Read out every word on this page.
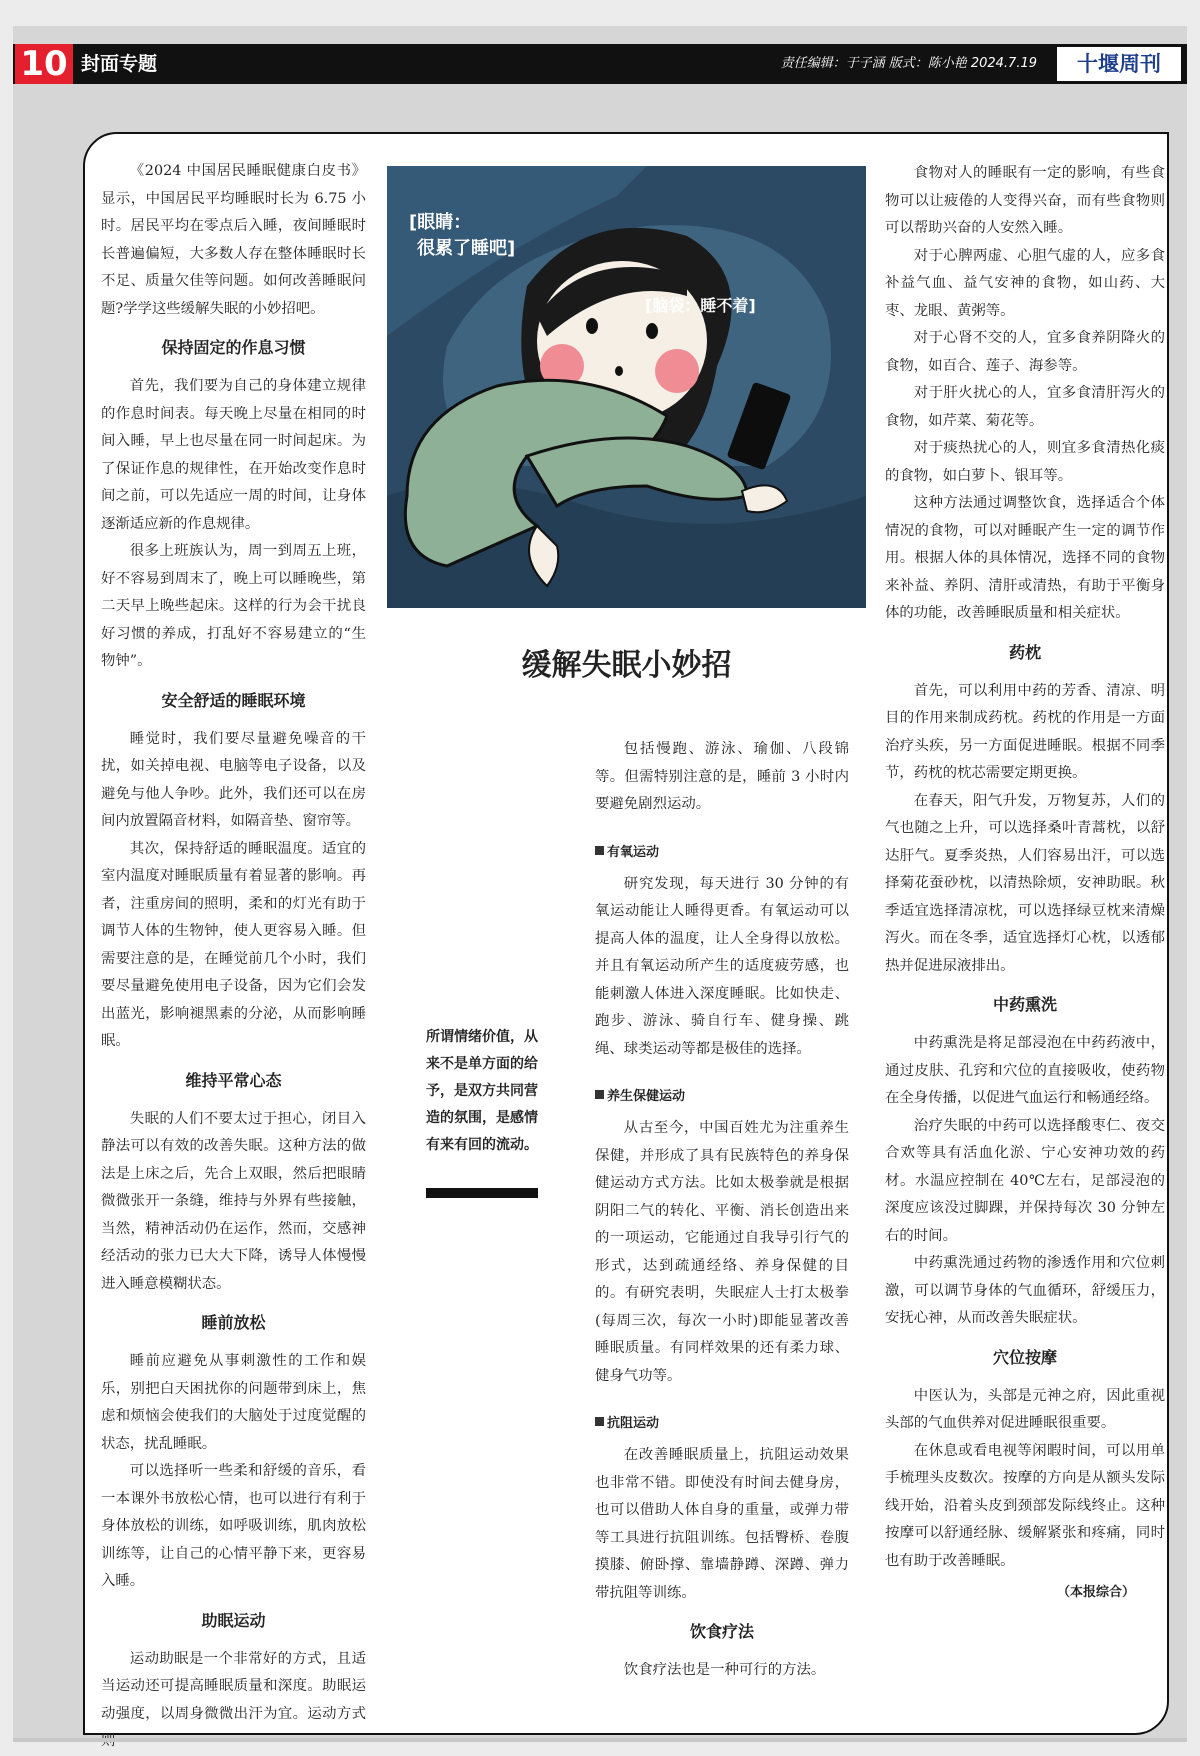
10 封面专题	责任编辑：于子涵 版式：陈小艳 2024.7.19	十堰周刊

《2024 中国居民睡眠健康白皮书》显示，中国居民平均睡眠时长为 6.75 小时。居民平均在零点后入睡，夜间睡眠时长普遍偏短，大多数人存在整体睡眠时长不足、质量欠佳等问题。如何改善睡眠问题?学学这些缓解失眠的小妙招吧。

保持固定的作息习惯

首先，我们要为自己的身体建立规律的作息时间表。每天晚上尽量在相同的时间入睡，早上也尽量在同一时间起床。为了保证作息的规律性，在开始改变作息时间之前，可以先适应一周的时间，让身体逐渐适应新的作息规律。

很多上班族认为，周一到周五上班，好不容易到周末了，晚上可以睡晚些，第二天早上晚些起床。这样的行为会干扰良好习惯的养成，打乱好不容易建立的“生物钟”。

安全舒适的睡眠环境

睡觉时，我们要尽量避免噪音的干扰，如关掉电视、电脑等电子设备，以及避免与他人争吵。此外，我们还可以在房间内放置隔音材料，如隔音垫、窗帘等。

其次，保持舒适的睡眠温度。适宜的室内温度对睡眠质量有着显著的影响。再者，注重房间的照明，柔和的灯光有助于调节人体的生物钟，使人更容易入睡。但需要注意的是，在睡觉前几个小时，我们要尽量避免使用电子设备，因为它们会发出蓝光，影响褪黑素的分泌，从而影响睡眠。

维持平常心态

失眠的人们不要太过于担心，闭目入静法可以有效的改善失眠。这种方法的做法是上床之后，先合上双眼，然后把眼睛微微张开一条缝，维持与外界有些接触，当然，精神活动仍在运作，然而，交感神经活动的张力已大大下降，诱导人体慢慢进入睡意模糊状态。

睡前放松

睡前应避免从事刺激性的工作和娱乐，别把白天困扰你的问题带到床上，焦虑和烦恼会使我们的大脑处于过度觉醒的状态，扰乱睡眠。

可以选择听一些柔和舒缓的音乐，看一本课外书放松心情，也可以进行有利于身体放松的训练，如呼吸训练，肌肉放松训练等，让自己的心情平静下来，更容易入睡。

助眠运动

运动助眠是一个非常好的方式，且适当运动还可提高睡眠质量和深度。助眠运动强度，以周身微微出汗为宜。运动方式

[眼睛：
很累了睡吧]
[脑袋：睡不着]
缓解失眠小妙招
所谓情绪价值，从来不是单方面的给予，是双方共同营造的氛围，是感情有来有回的流动。

包括慢跑、游泳、瑜伽、八段锦等。但需特别注意的是，睡前 3 小时内要避免剧烈运动。

有氧运动

研究发现，每天进行 30 分钟的有氧运动能让人睡得更香。有氧运动可以提高人体的温度，让人全身得以放松。并且有氧运动所产生的适度疲劳感，也能刺激人体进入深度睡眠。比如快走、跑步、游泳、骑自行车、健身操、跳绳、球类运动等都是极佳的选择。

养生保健运动

从古至今，中国百姓尤为注重养生保健，并形成了具有民族特色的养身保健运动方式方法。比如太极拳就是根据阴阳二气的转化、平衡、消长创造出来的一项运动，它能通过自我导引行气的形式，达到疏通经络、养身保健的目的。有研究表明，失眠症人士打太极拳(每周三次，每次一小时)即能显著改善睡眠质量。有同样效果的还有柔力球、健身气功等。

抗阻运动

在改善睡眠质量上，抗阻运动效果也非常不错。即使没有时间去健身房，也可以借助人体自身的重量，或弹力带等工具进行抗阻训练。包括臀桥、卷腹摸膝、俯卧撑、靠墙静蹲、深蹲、弹力带抗阻等训练。

饮食疗法

饮食疗法也是一种可行的方法。

食物对人的睡眠有一定的影响，有些食物可以让疲倦的人变得兴奋，而有些食物则可以帮助兴奋的人安然入睡。

对于心脾两虚、心胆气虚的人，应多食补益气血、益气安神的食物，如山药、大枣、龙眼、黄粥等。

对于心肾不交的人，宜多食养阴降火的食物，如百合、莲子、海参等。

对于肝火扰心的人，宜多食清肝泻火的食物，如芹菜、菊花等。

对于痰热扰心的人，则宜多食清热化痰的食物，如白萝卜、银耳等。

这种方法通过调整饮食，选择适合个体情况的食物，可以对睡眠产生一定的调节作用。根据人体的具体情况，选择不同的食物来补益、养阴、清肝或清热，有助于平衡身体的功能，改善睡眠质量和相关症状。

药枕

首先，可以利用中药的芳香、清凉、明目的作用来制成药枕。药枕的作用是一方面治疗头疾，另一方面促进睡眠。根据不同季节，药枕的枕芯需要定期更换。

在春天，阳气升发，万物复苏，人们的气也随之上升，可以选择桑叶青蒿枕，以舒达肝气。夏季炎热，人们容易出汗，可以选择菊花蚕砂枕，以清热除烦，安神助眠。秋季适宜选择清凉枕，可以选择绿豆枕来清燥泻火。而在冬季，适宜选择灯心枕，以透郁热并促进尿液排出。

中药熏洗

中药熏洗是将足部浸泡在中药药液中，通过皮肤、孔窍和穴位的直接吸收，使药物在全身传播，以促进气血运行和畅通经络。

治疗失眠的中药可以选择酸枣仁、夜交合欢等具有活血化淤、宁心安神功效的药材。水温应控制在 40℃左右，足部浸泡的深度应该没过脚踝，并保持每次 30 分钟左右的时间。

中药熏洗通过药物的渗透作用和穴位刺激，可以调节身体的气血循环，舒缓压力，安抚心神，从而改善失眠症状。

穴位按摩

中医认为，头部是元神之府，因此重视头部的气血供养对促进睡眠很重要。

在休息或看电视等闲暇时间，可以用单手梳理头皮数次。按摩的方向是从额头发际线开始，沿着头皮到颈部发际线终止。这种按摩可以舒通经脉、缓解紧张和疼痛，同时也有助于改善睡眠。

（本报综合）
